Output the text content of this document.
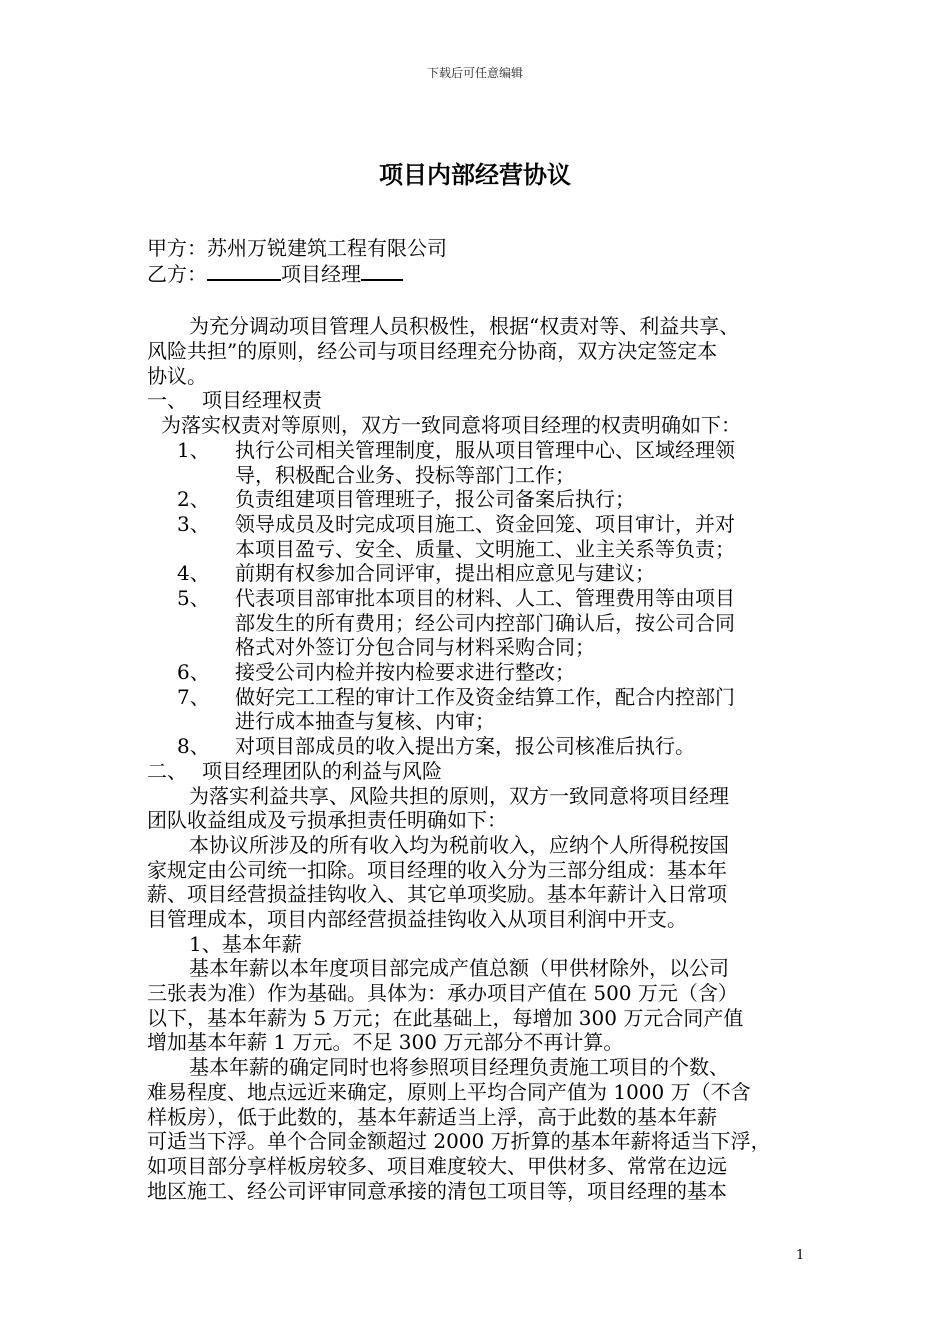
下载后可任意编辑
项目内部经营协议
甲方：苏州万锐建筑工程有限公司
乙方：	项目经理
为充分调动项目管理人员积极性，根据“权责对等、利益共享、
风险共担”的原则，经公司与项目经理充分协商，双方决定签定本
协议。
一、 项目经理权责
为落实权责对等原则，双方一致同意将项目经理的权责明确如下：
1、	执行公司相关管理制度，服从项目管理中心、区域经理领
导，积极配合业务、投标等部门工作；
2、	负责组建项目管理班子，报公司备案后执行；
3、	领导成员及时完成项目施工、资金回笼、项目审计，并对
本项目盈亏、安全、质量、文明施工、业主关系等负责；
4、	前期有权参加合同评审，提出相应意见与建议；
5、	代表项目部审批本项目的材料、人工、管理费用等由项目
部发生的所有费用；经公司内控部门确认后，按公司合同
格式对外签订分包合同与材料采购合同；
6、	接受公司内检并按内检要求进行整改；
7、	做好完工工程的审计工作及资金结算工作，配合内控部门
进行成本抽查与复核、内审；
8、	对项目部成员的收入提出方案，报公司核准后执行。
二、 项目经理团队的利益与风险
为落实利益共享、风险共担的原则，双方一致同意将项目经理
团队收益组成及亏损承担责任明确如下：
本协议所涉及的所有收入均为税前收入，应纳个人所得税按国
家规定由公司统一扣除。项目经理的收入分为三部分组成：基本年
薪、项目经营损益挂钩收入、其它单项奖励。基本年薪计入日常项
目管理成本，项目内部经营损益挂钩收入从项目利润中开支。
1、基本年薪
基本年薪以本年度项目部完成产值总额（甲供材除外，以公司
三张表为准）作为基础。具体为：承办项目产值在 500 万元（含）
以下，基本年薪为 5 万元；在此基础上，每增加 300 万元合同产值
增加基本年薪 1 万元。不足 300 万元部分不再计算。
基本年薪的确定同时也将参照项目经理负责施工项目的个数、
难易程度、地点远近来确定，原则上平均合同产值为 1000 万（不含
样板房），低于此数的，基本年薪适当上浮，高于此数的基本年薪
可适当下浮。单个合同金额超过 2000 万折算的基本年薪将适当下浮，
如项目部分享样板房较多、项目难度较大、甲供材多、常常在边远
地区施工、经公司评审同意承接的清包工项目等，项目经理的基本
1
